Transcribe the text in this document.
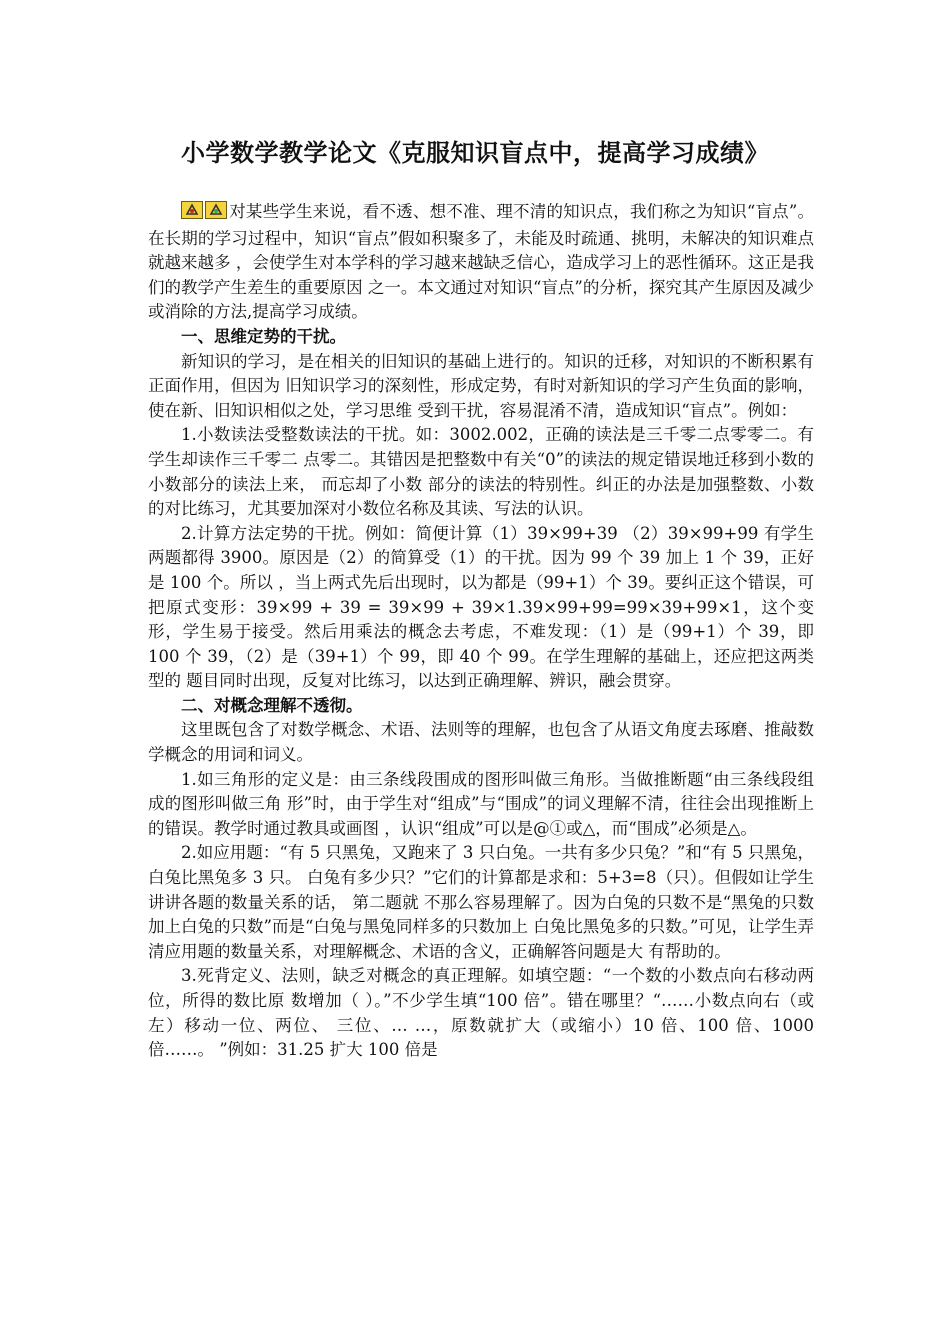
小学数学教学论文《克服知识盲点中，提高学习成绩》

对某些学生来说，看不透、想不准、理不清的知识点，我们称之为知识“盲点”。在长期的学习过程中，知识“盲点”假如积聚多了，未能及时疏通、挑明，未解决的知识难点就越来越多 ，会使学生对本学科的学习越来越缺乏信心，造成学习上的恶性循环。这正是我们的教学产生差生的重要原因 之一。本文通过对知识“盲点”的分析，探究其产生原因及减少或消除的方法,提高学习成绩。

一、思维定势的干扰。

新知识的学习，是在相关的旧知识的基础上进行的。知识的迁移，对知识的不断积累有正面作用，但因为 旧知识学习的深刻性，形成定势，有时对新知识的学习产生负面的影响，使在新、旧知识相似之处，学习思维 受到干扰，容易混淆不清，造成知识“盲点”。例如：

1.小数读法受整数读法的干扰。如：3002.002，正确的读法是三千零二点零零二。有学生却读作三千零二 点零二。其错因是把整数中有关“0”的读法的规定错误地迁移到小数的小数部分的读法上来， 而忘却了小数 部分的读法的特别性。纠正的办法是加强整数、小数的对比练习，尤其要加深对小数位名称及其读、写法的认识。

2.计算方法定势的干扰。例如：简便计算（1）39×99+39 （2）39×99+99 有学生两题都得 3900。原因是（2）的简算受（1）的干扰。因为 99 个 39 加上 1 个 39，正好是 100 个。所以 ，当上两式先后出现时，以为都是（99+1）个 39。要纠正这个错误，可把原式变形：39×99 + 39 = 39×99 + 39×1.39×99+99=99×39+99×1，这个变形，学生易于接受。然后用乘法的概念去考虑，不难发现：（1）是（99+1）个 39，即 100 个 39，（2）是（39+1）个 99，即 40 个 99。在学生理解的基础上，还应把这两类型的 题目同时出现，反复对比练习，以达到正确理解、辨识，融会贯穿。

二、对概念理解不透彻。

这里既包含了对数学概念、术语、法则等的理解，也包含了从语文角度去琢磨、推敲数学概念的用词和词义。

1.如三角形的定义是：由三条线段围成的图形叫做三角形。当做推断题“由三条线段组成的图形叫做三角 形”时，由于学生对“组成”与“围成”的词义理解不清，往往会出现推断上的错误。教学时通过教具或画图 ，认识“组成”可以是@①或△，而“围成”必须是△。

2.如应用题：“有 5 只黑兔，又跑来了 3 只白兔。一共有多少只兔？”和“有 5 只黑兔，白兔比黑兔多 3 只。 白兔有多少只？”它们的计算都是求和：5+3=8（只）。但假如让学生讲讲各题的数量关系的话， 第二题就 不那么容易理解了。因为白兔的只数不是“黑兔的只数加上白兔的只数”而是“白兔与黑兔同样多的只数加上 白兔比黑兔多的只数。”可见，让学生弄清应用题的数量关系，对理解概念、术语的含义，正确解答问题是大 有帮助的。

3.死背定义、法则，缺乏对概念的真正理解。如填空题：“一个数的小数点向右移动两位，所得的数比原 数增加（ ）。”不少学生填“100 倍”。错在哪里？“……小数点向右（或左）移动一位、两位、 三位、… …，原数就扩大（或缩小）10 倍、100 倍、1000 倍……。 ”例如：31.25 扩大 100 倍是
